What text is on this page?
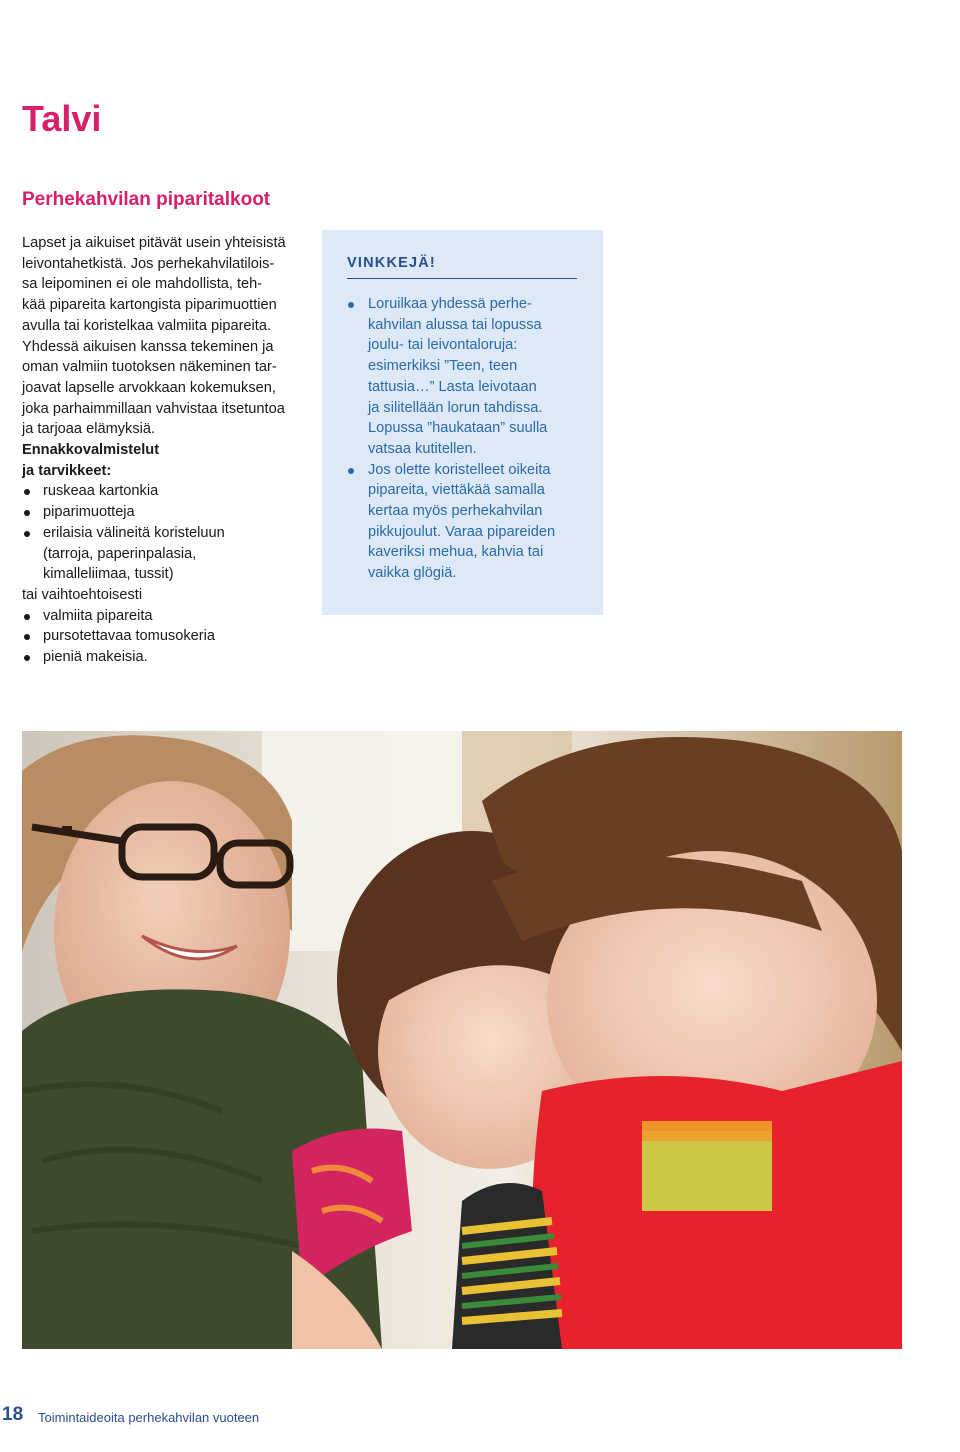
Talvi
Perhekahvilan piparitalkoot

Lapset ja aikuiset pitävät usein yhteisistä
leivontahetkistä. Jos perhekahvilatilois-
sa leipominen ei ole mahdollista, teh-
kää pipareita kartongista piparimuottien
avulla tai koristelkaa valmiita pipareita.
Yhdessä aikuisen kanssa tekeminen ja
oman valmiin tuotoksen näkeminen tar-
joavat lapselle arvokkaan kokemuksen,
joka parhaimmillaan vahvistaa itsetuntoa
ja tarjoaa elämyksiä.

Ennakkovalmistelut
ja tarvikkeet:

ruskeaa kartonkia
piparimuotteja
erilaisia välineitä koristeluun
(tarroja, paperinpalasia,
kimalleliimaa, tussit)
tai vaihtoehtoisesti
valmiita pipareita
pursotettavaa tomusokeria
pieniä makeisia.
VINKKEJÄ!
Loruilkaa yhdessä perhe-
kahvilan alussa tai lopussa
joulu- tai leivontaloruja:
esimerkiksi ”Teen, teen
tattusia…” Lasta leivotaan
ja silitellään lorun tahdissa.
Lopussa ”haukataan” suulla
vatsaa kutitellen.
Jos olette koristelleet oikeita
pipareita, viettäkää samalla
kertaa myös perhekahvilan
pikkujoulut. Varaa pipareiden
kaveriksi mehua, kahvia tai
vaikka glögiä.
18 Toimintaideoita perhekahvilan vuoteen
